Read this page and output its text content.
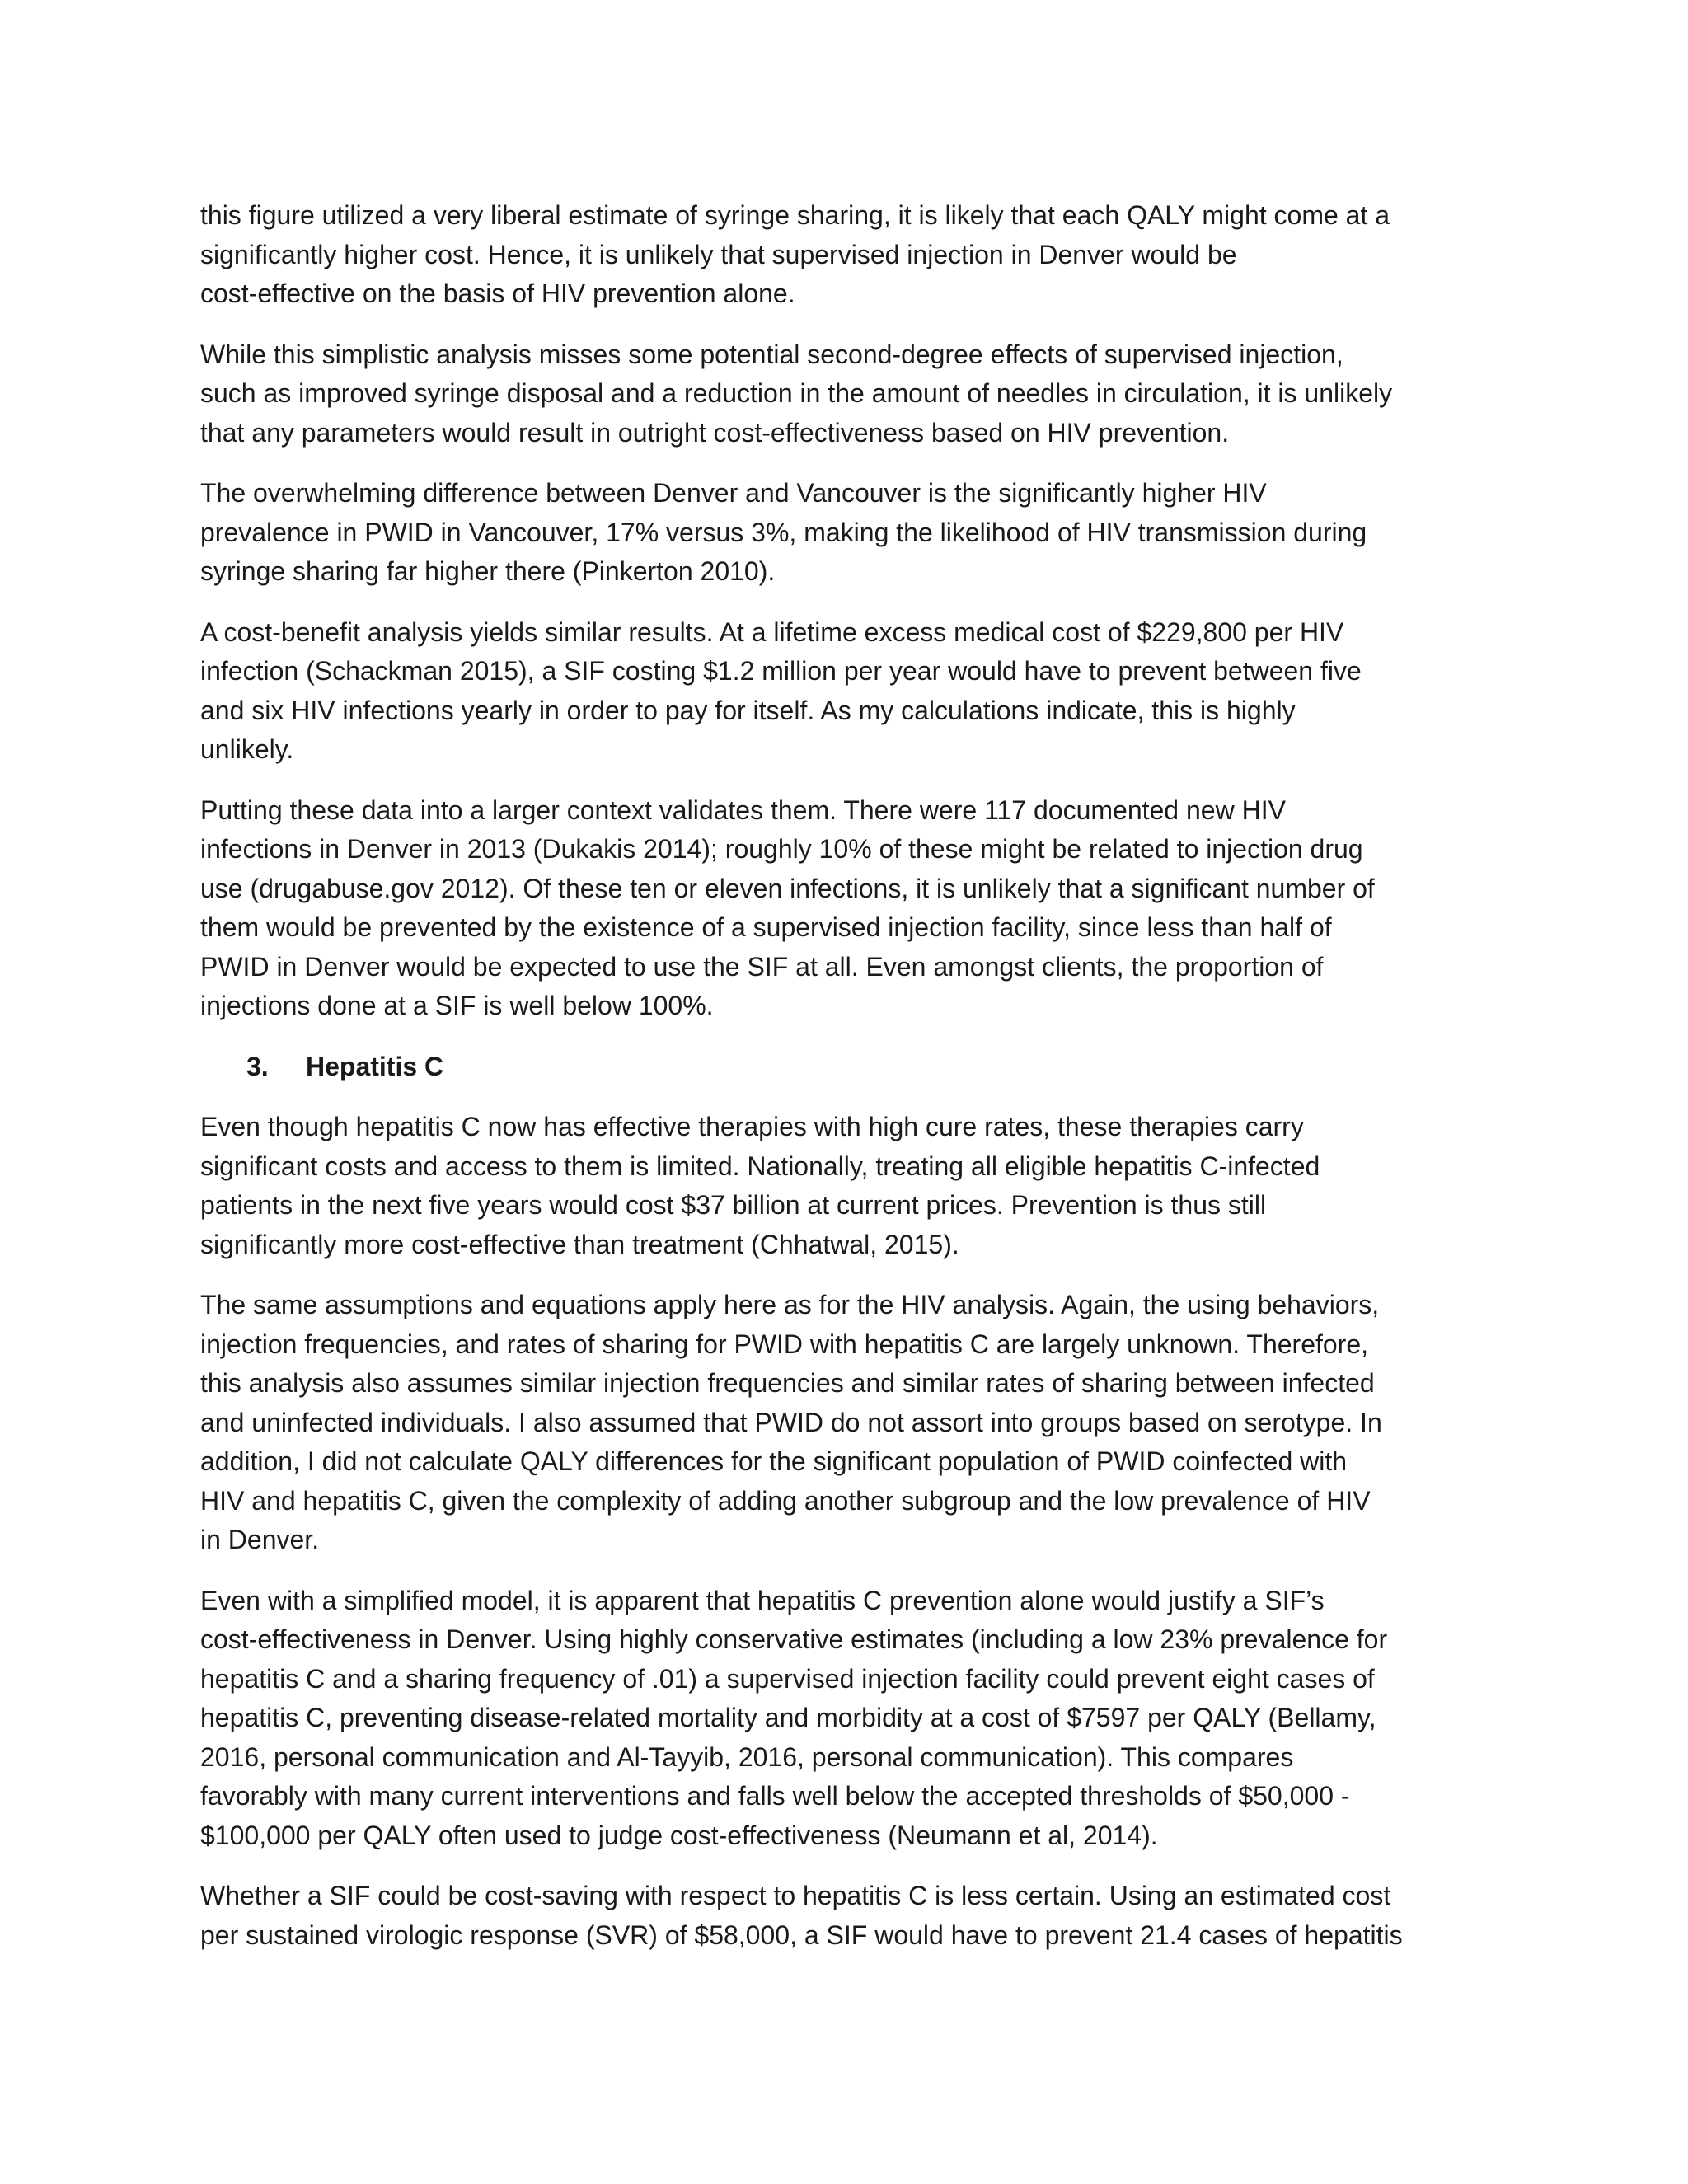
this figure utilized a very liberal estimate of syringe sharing, it is likely that each QALY might come at a
significantly higher cost. Hence, it is unlikely that supervised injection in Denver would be
cost-effective on the basis of HIV prevention alone.

While this simplistic analysis misses some potential second-degree effects of supervised injection,
such as improved syringe disposal and a reduction in the amount of needles in circulation, it is unlikely
that any parameters would result in outright cost-effectiveness based on HIV prevention.

The overwhelming difference between Denver and Vancouver is the significantly higher HIV
prevalence in PWID in Vancouver, 17% versus 3%, making the likelihood of HIV transmission during
syringe sharing far higher there (Pinkerton 2010).

A cost-benefit analysis yields similar results. At a lifetime excess medical cost of $229,800 per HIV
infection (Schackman 2015), a SIF costing $1.2 million per year would have to prevent between five
and six HIV infections yearly in order to pay for itself. As my calculations indicate, this is highly
unlikely.

Putting these data into a larger context validates them. There were 117 documented new HIV
infections in Denver in 2013 (Dukakis 2014); roughly 10% of these might be related to injection drug
use (drugabuse.gov 2012). Of these ten or eleven infections, it is unlikely that a significant number of
them would be prevented by the existence of a supervised injection facility, since less than half of
PWID in Denver would be expected to use the SIF at all. Even amongst clients, the proportion of
injections done at a SIF is well below 100%.

3.	Hepatitis C

Even though hepatitis C now has effective therapies with high cure rates, these therapies carry
significant costs and access to them is limited. Nationally, treating all eligible hepatitis C-infected
patients in the next five years would cost $37 billion at current prices. Prevention is thus still
significantly more cost-effective than treatment (Chhatwal, 2015).

The same assumptions and equations apply here as for the HIV analysis. Again, the using behaviors,
injection frequencies, and rates of sharing for PWID with hepatitis C are largely unknown. Therefore,
this analysis also assumes similar injection frequencies and similar rates of sharing between infected
and uninfected individuals. I also assumed that PWID do not assort into groups based on serotype. In
addition, I did not calculate QALY differences for the significant population of PWID coinfected with
HIV and hepatitis C, given the complexity of adding another subgroup and the low prevalence of HIV
in Denver.

Even with a simplified model, it is apparent that hepatitis C prevention alone would justify a SIF’s
cost-effectiveness in Denver. Using highly conservative estimates (including a low 23% prevalence for
hepatitis C and a sharing frequency of .01) a supervised injection facility could prevent eight cases of
hepatitis C, preventing disease-related mortality and morbidity at a cost of $7597 per QALY (Bellamy,
2016, personal communication and Al-Tayyib, 2016, personal communication). This compares
favorably with many current interventions and falls well below the accepted thresholds of $50,000 -
$100,000 per QALY often used to judge cost-effectiveness (Neumann et al, 2014).

Whether a SIF could be cost-saving with respect to hepatitis C is less certain. Using an estimated cost
per sustained virologic response (SVR) of $58,000, a SIF would have to prevent 21.4 cases of hepatitis
